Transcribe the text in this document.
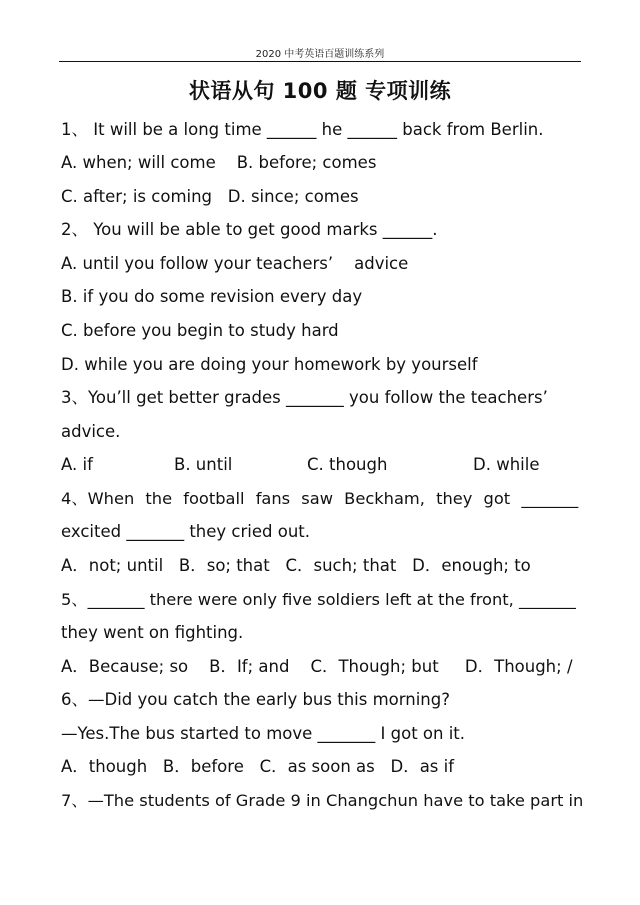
2020 中考英语百题训练系列
状语从句 100 题 专项训练
1、 It will be a long time ______ he ______ back from Berlin.
A. when; will come    B. before; comes
C. after; is coming   D. since; comes
2、 You will be able to get good marks ______.
A. until you follow your teachers’    advice
B. if you do some revision every day
C. before you begin to study hard
D. while you are doing your homework by yourself
3、You’ll get better grades _______ you follow the teachers’
advice.
A. if	B. until	C. though	D. while
4、When the football fans saw Beckham, they got _______
excited _______ they cried out.
A．not; until   B．so; that   C．such; that   D．enough; to
5、_______ there were only five soldiers left at the front, _______
they went on fighting.
A．Because; so    B．If; and    C．Though; but     D．Though; /
6、—Did you catch the early bus this morning?
—Yes.The bus started to move _______ I got on it.
A．though   B．before   C．as soon as   D．as if
7、—The students of Grade 9 in Changchun have to take part in
